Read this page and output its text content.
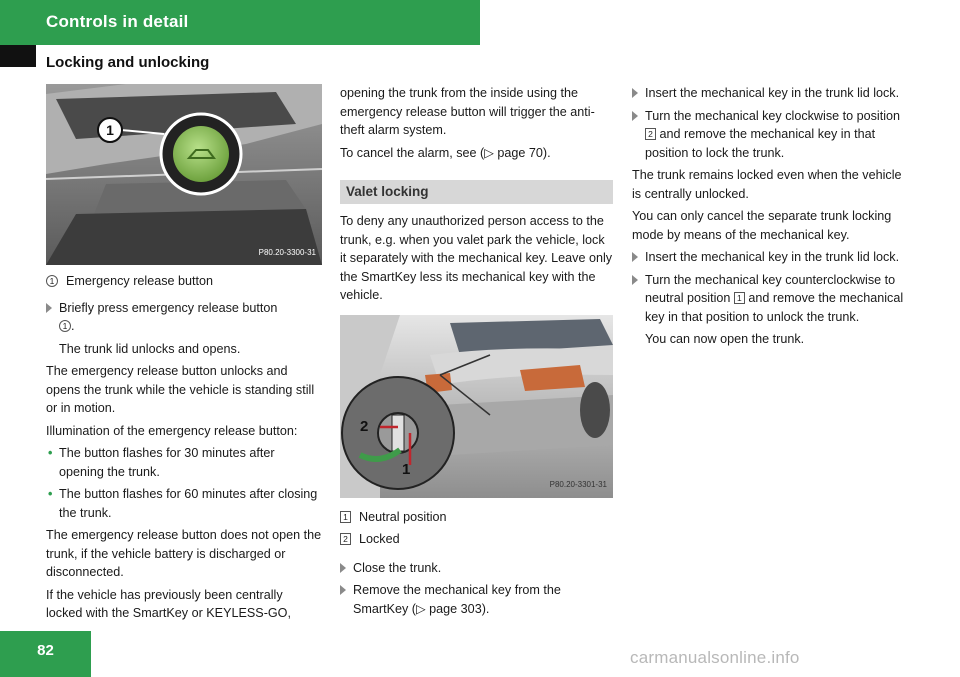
Controls in detail
Locking and unlocking
1
P80.20-3300-31
1 Emergency release button
Briefly press emergency release button
1 .
The trunk lid unlocks and opens.

The emergency release button unlocks and opens the trunk while the vehicle is standing still or in motion.

Illumination of the emergency release button:

• The button flashes for 30 minutes after opening the trunk.
• The button flashes for 60 minutes after closing the trunk.

The emergency release button does not open the trunk, if the vehicle battery is discharged or disconnected.

If the vehicle has previously been centrally locked with the SmartKey or KEYLESS-GO,

opening the trunk from the inside using the emergency release button will trigger the anti-theft alarm system.

To cancel the alarm, see (▷ page 70).

Valet locking

To deny any unauthorized person access to the trunk, e.g. when you valet park the vehicle, lock it separately with the mechanical key. Leave only the SmartKey less its mechanical key with the vehicle.

2
1
P80.20-3301-31
1 Neutral position
2 Locked
Close the trunk.
Remove the mechanical key from the SmartKey (▷ page 303).
Insert the mechanical key in the trunk lid lock.
Turn the mechanical key clockwise to position 2 and remove the mechanical key in that position to lock the trunk.

The trunk remains locked even when the vehicle is centrally unlocked.

You can only cancel the separate trunk locking mode by means of the mechanical key.

Insert the mechanical key in the trunk lid lock.
Turn the mechanical key counterclockwise to neutral position 1 and remove the mechanical key in that position to unlock the trunk.
You can now open the trunk.
82	carmanualsonline.info
